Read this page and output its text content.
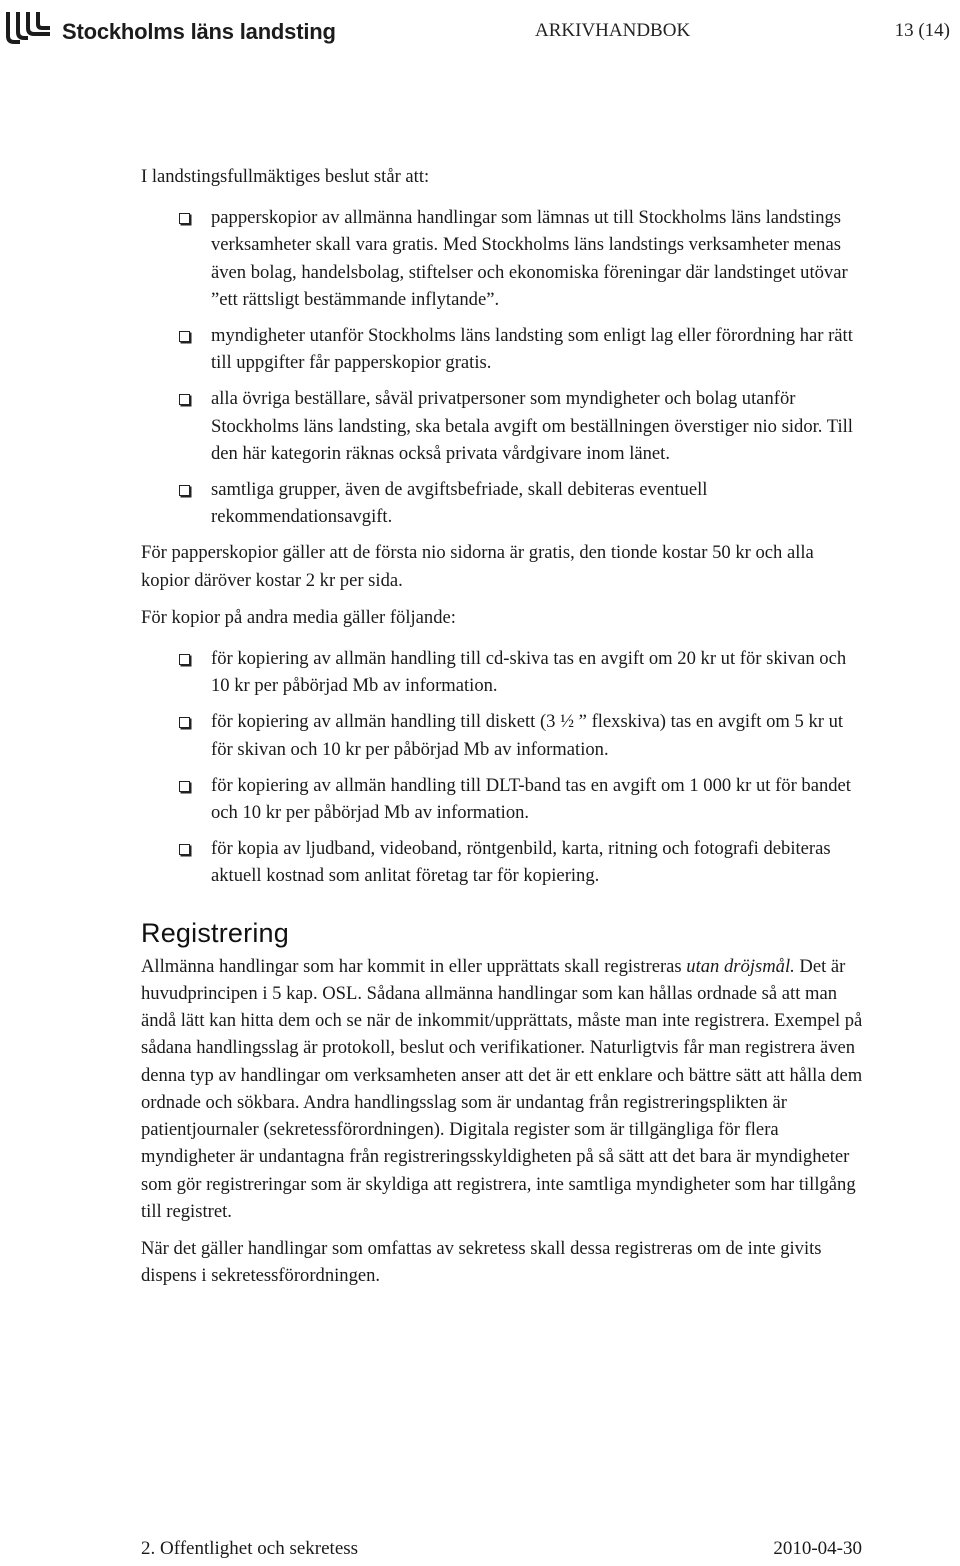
Stockholms läns landsting	ARKIVHANDBOK	13 (14)

I landstingsfullmäktiges beslut står att:

papperskopior av allmänna handlingar som lämnas ut till Stockholms läns landstings verksamheter skall vara gratis. Med Stockholms läns landstings verksamheter menas även bolag, handelsbolag, stiftelser och ekonomiska föreningar där landstinget utövar ”ett rättsligt bestämmande inflytande”.
myndigheter utanför Stockholms läns landsting som enligt lag eller förordning har rätt till uppgifter får papperskopior gratis.
alla övriga beställare, såväl privatpersoner som myndigheter och bolag utanför Stockholms läns landsting, ska betala avgift om beställningen överstiger nio sidor. Till den här kategorin räknas också privata vårdgivare inom länet.
samtliga grupper, även de avgiftsbefriade, skall debiteras eventuell rekommendationsavgift.

För papperskopior gäller att de första nio sidorna är gratis, den tionde kostar 50 kr och alla kopior däröver kostar 2 kr per sida.

För kopior på andra media gäller följande:

för kopiering av allmän handling till cd-skiva tas en avgift om 20 kr ut för skivan och 10 kr per påbörjad Mb av information.
för kopiering av allmän handling till diskett (3 ½ ” flexskiva) tas en avgift om 5 kr ut för skivan och 10 kr per påbörjad Mb av information.
för kopiering av allmän handling till DLT-band tas en avgift om 1 000 kr ut för bandet och 10 kr per påbörjad Mb av information.
för kopia av ljudband, videoband, röntgenbild, karta, ritning och fotografi debiteras aktuell kostnad som anlitat företag tar för kopiering.
Registrering

Allmänna handlingar som har kommit in eller upprättats skall registreras utan dröjsmål. Det är huvudprincipen i 5 kap. OSL. Sådana allmänna handlingar som kan hållas ordnade så att man ändå lätt kan hitta dem och se när de inkommit/upprättats, måste man inte registrera. Exempel på sådana handlingsslag är protokoll, beslut och verifikationer. Naturligtvis får man registrera även denna typ av handlingar om verksamheten anser att det är ett enklare och bättre sätt att hålla dem ordnade och sökbara. Andra handlingsslag som är undantag från registreringsplikten är patientjournaler (sekretessförordningen). Digitala register som är tillgängliga för flera myndigheter är undantagna från registreringsskyldigheten på så sätt att det bara är myndigheter som gör registreringar som är skyldiga att registrera, inte samtliga myndigheter som har tillgång till registret.

När det gäller handlingar som omfattas av sekretess skall dessa registreras om de inte givits dispens i sekretessförordningen.

2. Offentlighet och sekretess	2010-04-30
